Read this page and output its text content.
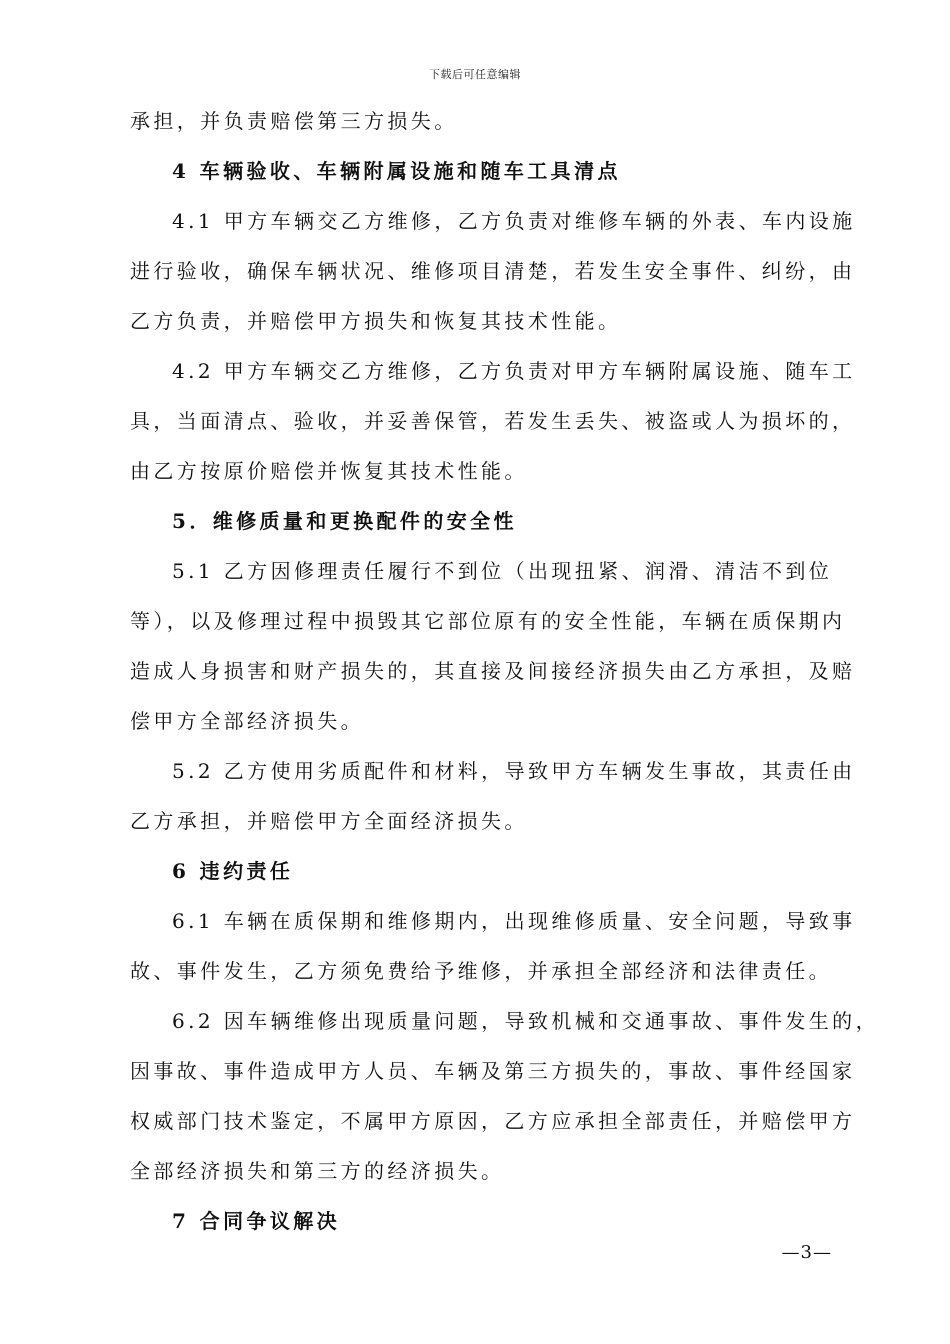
下载后可任意编辑
承担，并负责赔偿第三方损失。
4 车辆验收、车辆附属设施和随车工具清点
4.1 甲方车辆交乙方维修，乙方负责对维修车辆的外表、车内设施
进行验收，确保车辆状况、维修项目清楚，若发生安全事件、纠纷，由
乙方负责，并赔偿甲方损失和恢复其技术性能。
4.2 甲方车辆交乙方维修，乙方负责对甲方车辆附属设施、随车工
具，当面清点、验收，并妥善保管，若发生丢失、被盗或人为损坏的，
由乙方按原价赔偿并恢复其技术性能。
5．维修质量和更换配件的安全性
5.1 乙方因修理责任履行不到位（出现扭紧、润滑、清洁不到位
等），以及修理过程中损毁其它部位原有的安全性能，车辆在质保期内
造成人身损害和财产损失的，其直接及间接经济损失由乙方承担，及赔
偿甲方全部经济损失。
5.2 乙方使用劣质配件和材料，导致甲方车辆发生事故，其责任由
乙方承担，并赔偿甲方全面经济损失。
6 违约责任
6.1 车辆在质保期和维修期内，出现维修质量、安全问题，导致事
故、事件发生，乙方须免费给予维修，并承担全部经济和法律责任。
6.2 因车辆维修出现质量问题，导致机械和交通事故、事件发生的，
因事故、事件造成甲方人员、车辆及第三方损失的，事故、事件经国家
权威部门技术鉴定，不属甲方原因，乙方应承担全部责任，并赔偿甲方
全部经济损失和第三方的经济损失。
7 合同争议解决
—3—
